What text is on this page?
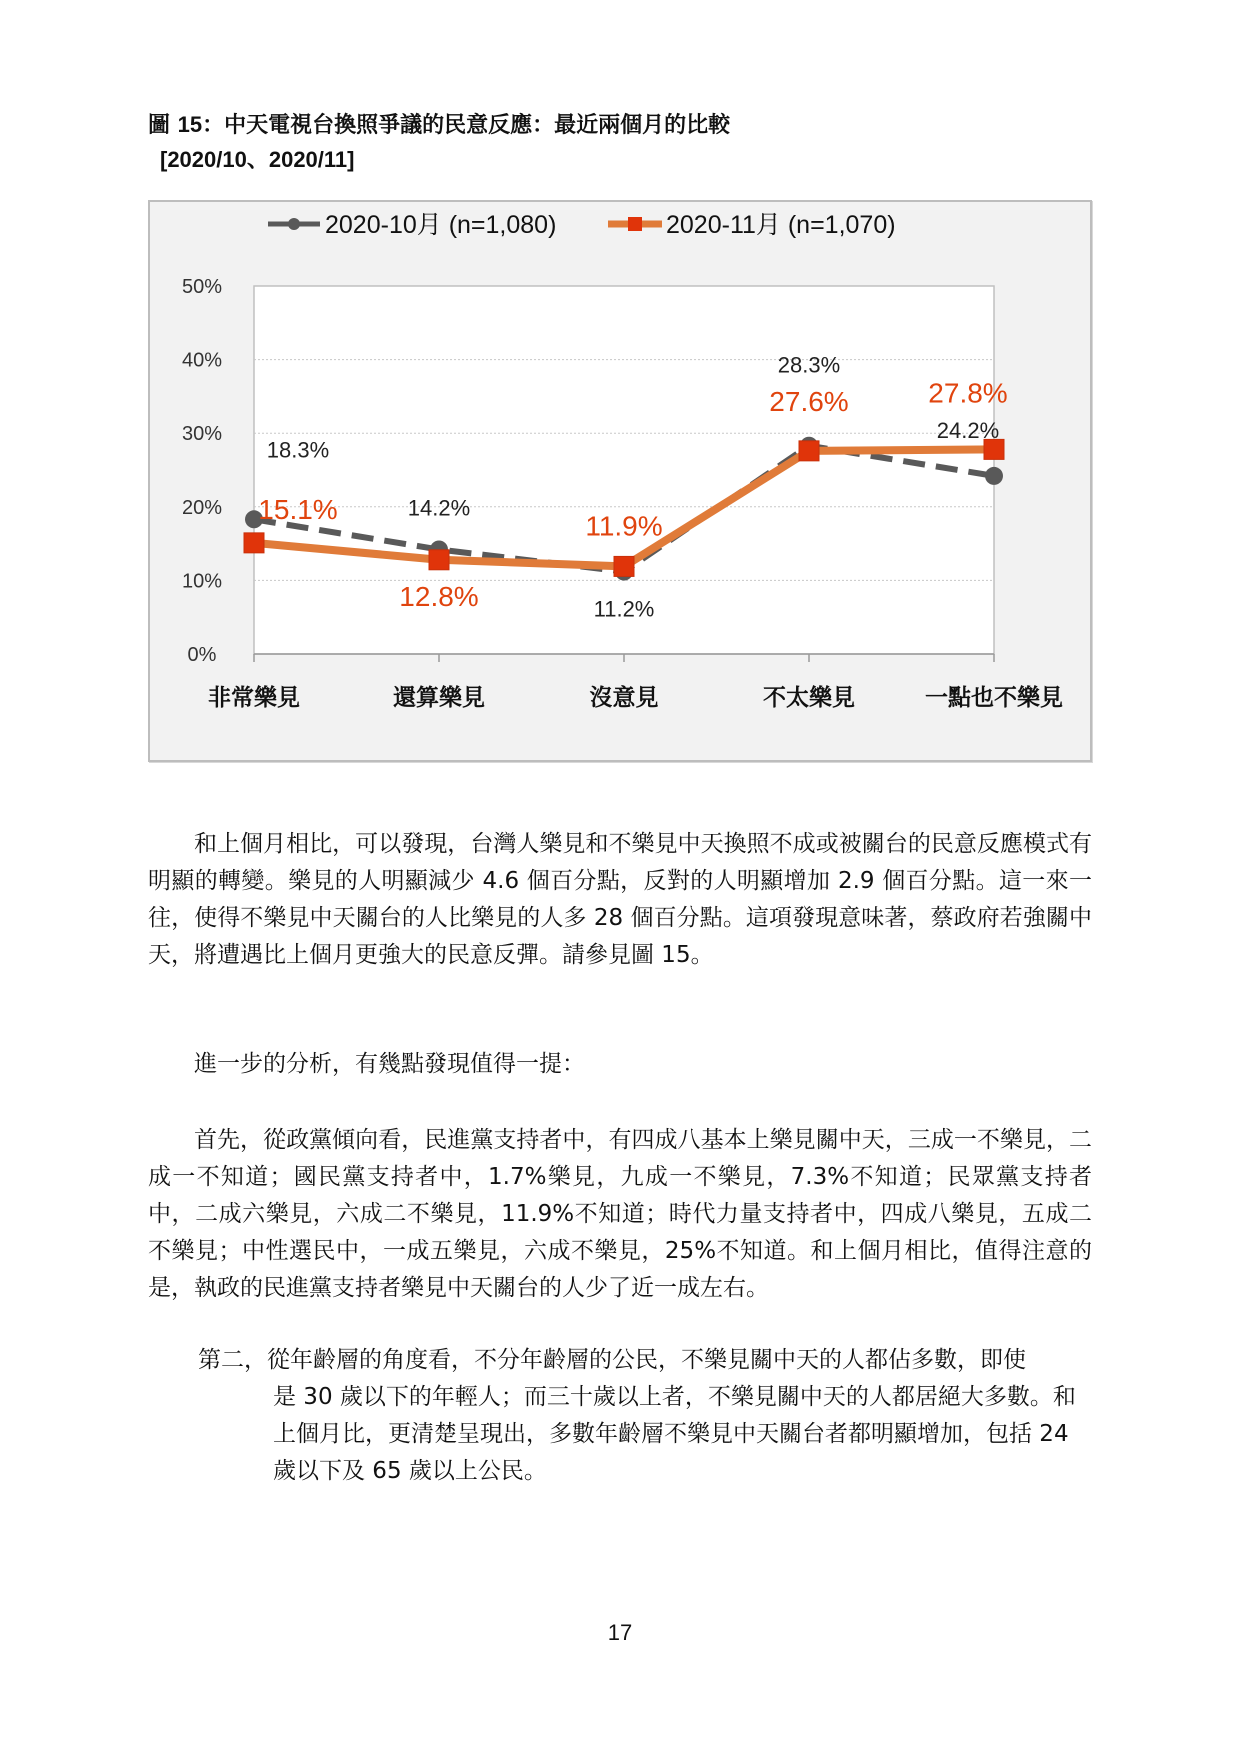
圖 15：中天電視台換照爭議的民意反應：最近兩個月的比較
[2020/10、2020/11]
0%
10%
20%
30%
40%
50%
非常樂見	還算樂見	沒意見	不太樂見	一點也不樂見
2020-10月 (n=1,080)	2020-11月 (n=1,070)
18.3%
14.2%
11.2%
28.3%
24.2%
15.1%
12.8%
11.9%
27.6%	27.8%

和上個月相比，可以發現，台灣人樂見和不樂見中天換照不成或被關台的民意反應模式有明顯的轉變。樂見的人明顯減少 4.6 個百分點，反對的人明顯增加 2.9 個百分點。這一來一往，使得不樂見中天關台的人比樂見的人多 28 個百分點。這項發現意味著，蔡政府若強關中天，將遭遇比上個月更強大的民意反彈。請參見圖 15。

進一步的分析，有幾點發現值得一提：

首先，從政黨傾向看，民進黨支持者中，有四成八基本上樂見關中天，三成一不樂見，二成一不知道；國民黨支持者中，1.7%樂見，九成一不樂見，7.3%不知道；民眾黨支持者中，二成六樂見，六成二不樂見，11.9%不知道；時代力量支持者中，四成八樂見，五成二不樂見；中性選民中，一成五樂見，六成不樂見，25%不知道。和上個月相比，值得注意的是，執政的民進黨支持者樂見中天關台的人少了近一成左右。

第二，從年齡層的角度看，不分年齡層的公民，不樂見關中天的人都佔多數，即使
是 30 歲以下的年輕人；而三十歲以上者，不樂見關中天的人都居絕大多數。和上個月比，更清楚呈現出，多數年齡層不樂見中天關台者都明顯增加，包括 24 歲以下及 65 歲以上公民。
17
